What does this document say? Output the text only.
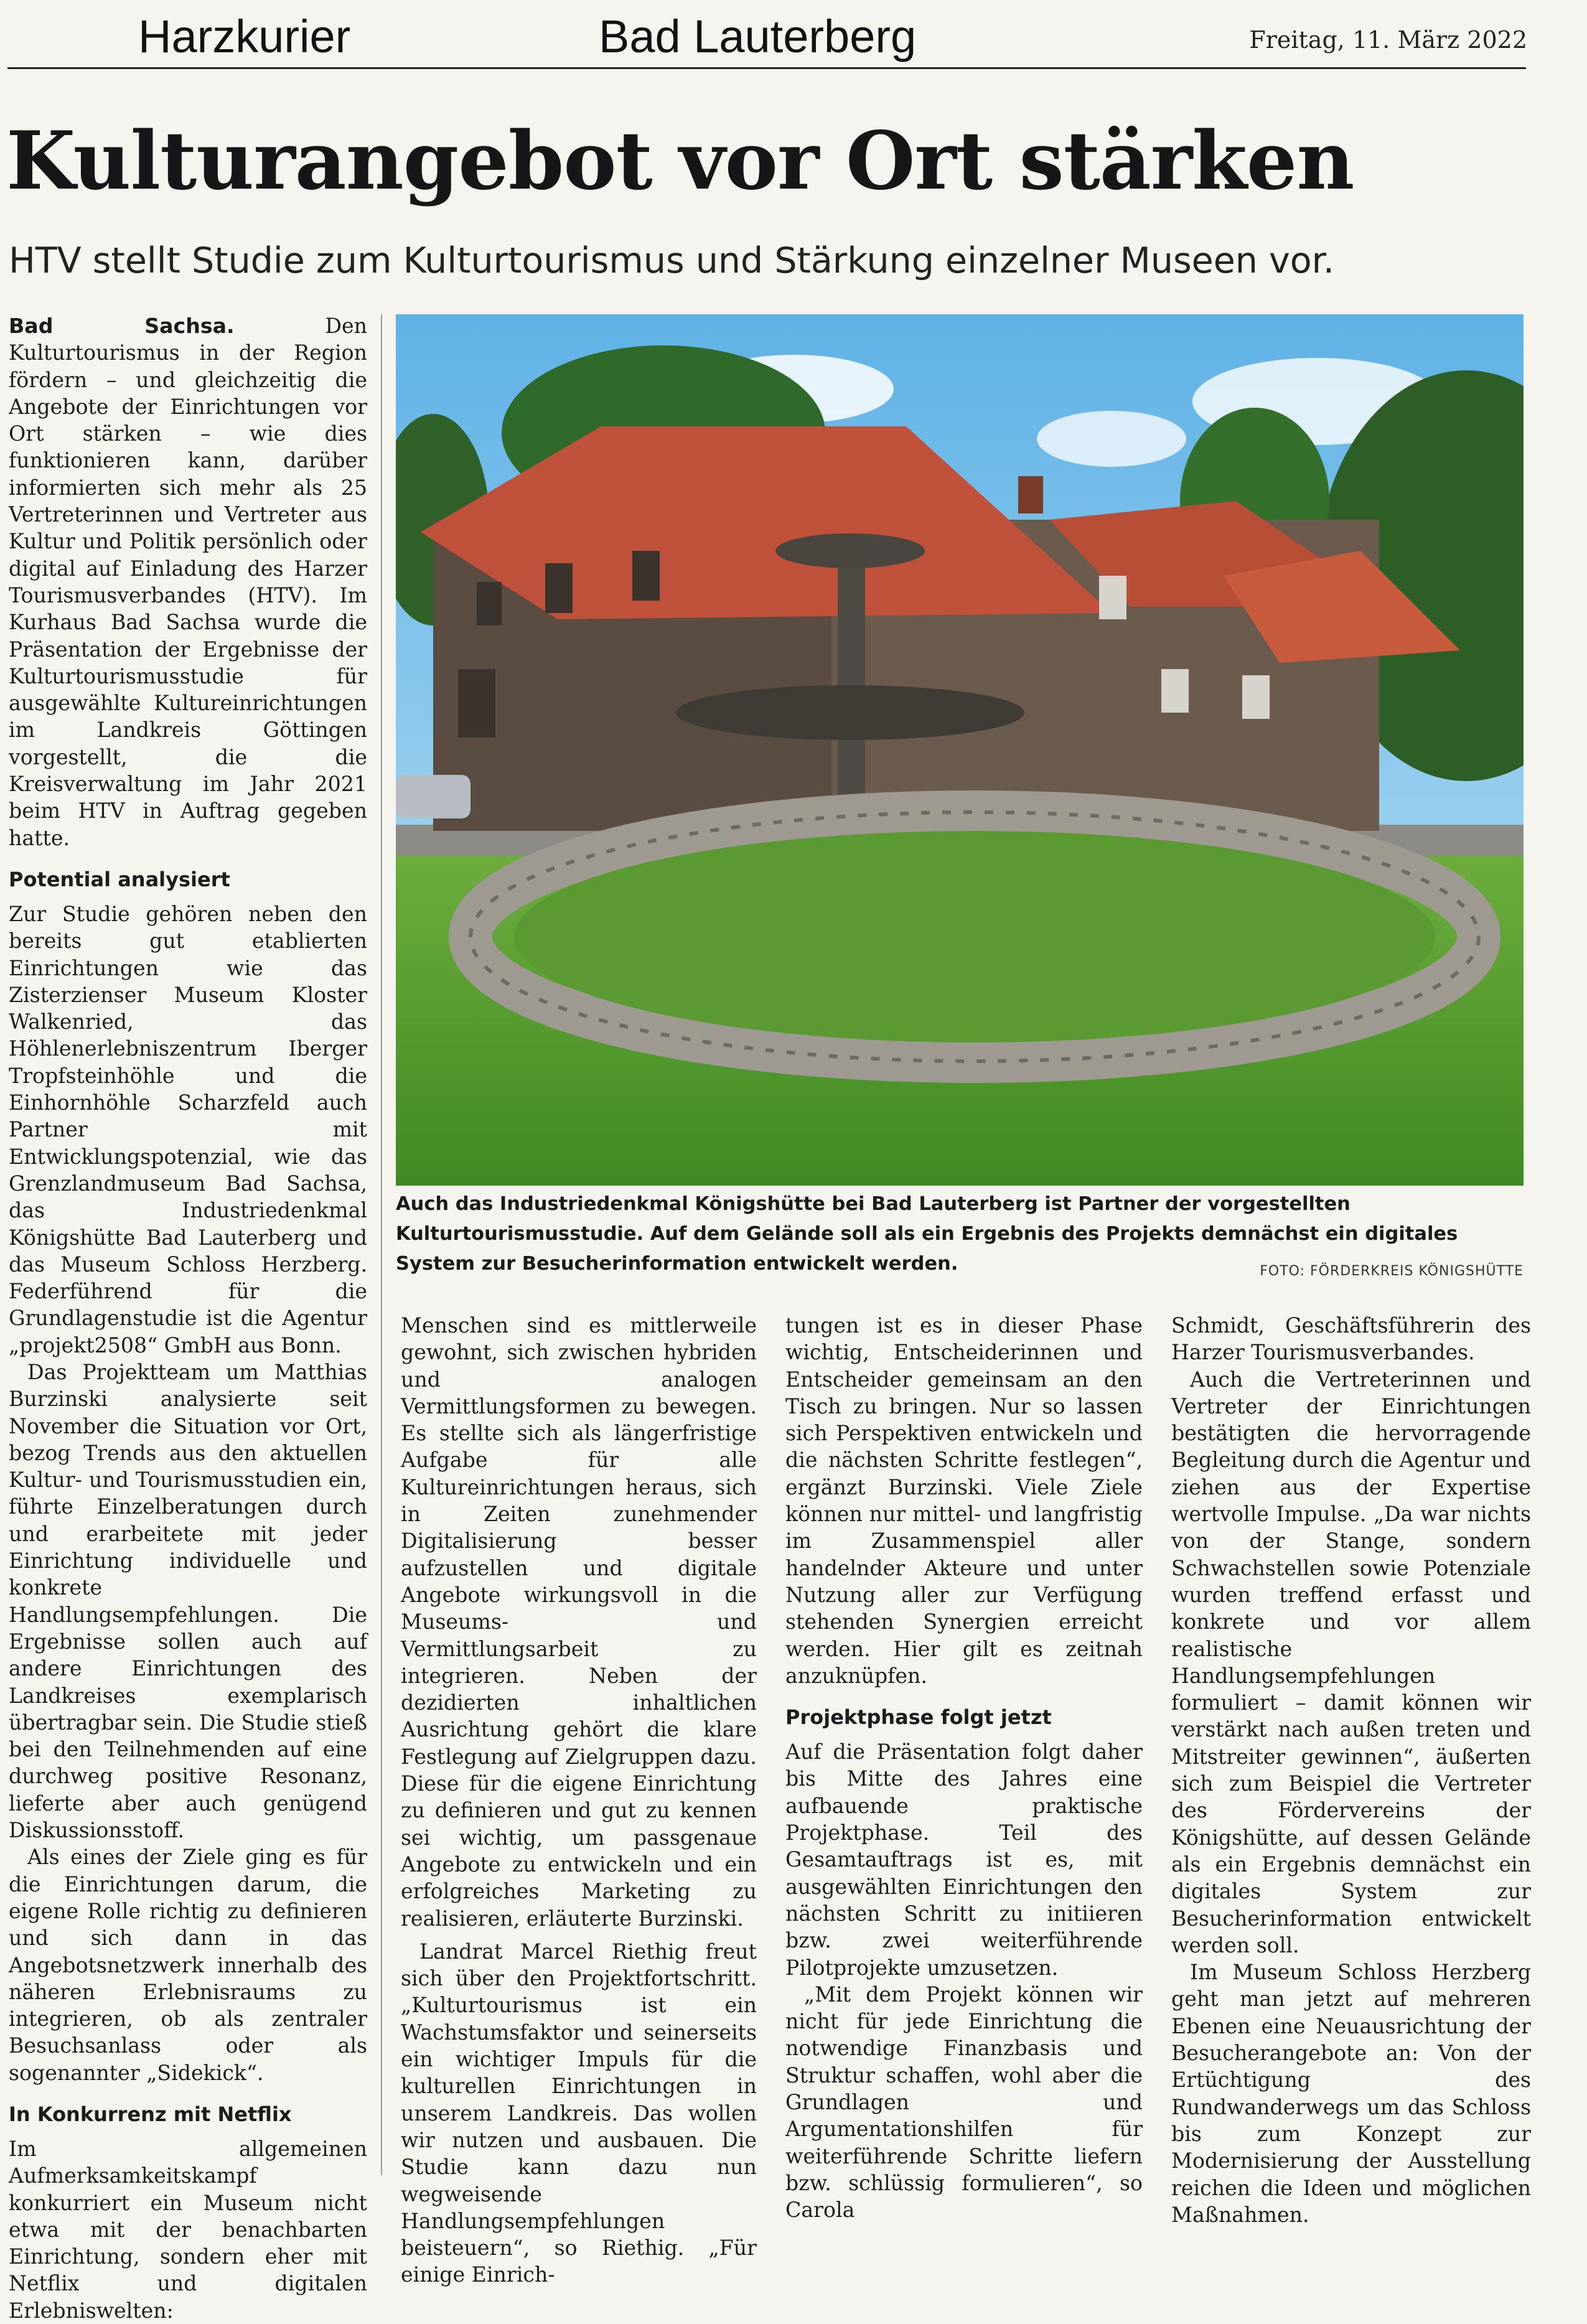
Harzkurier	Bad Lauterberg	Freitag, 11. März 2022
Kulturangebot vor Ort stärken
HTV stellt Studie zum Kulturtourismus und Stärkung einzelner Museen vor.

Bad Sachsa.	Den Kulturtourismus in der Region fördern – und gleichzeitig die Angebote der Einrichtungen vor Ort stärken – wie dies funktionieren kann, darüber informierten sich mehr als 25 Vertreterinnen und Vertreter aus Kultur und Politik persönlich oder digital auf Einladung des Harzer Tourismusverbandes (HTV). Im Kurhaus Bad Sachsa wurde die Präsentation der Ergebnisse der Kulturtourismusstudie für ausgewählte Kultureinrichtungen im Landkreis Göttingen vorgestellt, die die Kreisverwaltung im Jahr 2021 beim HTV in Auftrag gegeben hatte.

Potential analysiert

Zur Studie gehören neben den bereits gut etablierten Einrichtungen wie das Zisterzienser Museum Kloster Walkenried, das Höhlenerlebniszentrum Iberger Tropfsteinhöhle und die Einhornhöhle Scharzfeld auch Partner mit Entwicklungspotenzial, wie das Grenzlandmuseum Bad Sachsa, das Industriedenkmal Königshütte Bad Lauterberg und das Museum Schloss Herzberg. Federführend für die Grundlagenstudie ist die Agentur „projekt2508“ GmbH aus Bonn.

Das Projektteam um Matthias Burzinski analysierte seit November die Situation vor Ort, bezog Trends aus den aktuellen Kultur- und Tourismusstudien ein, führte Einzelberatungen durch und erarbeitete mit jeder Einrichtung individuelle und konkrete Handlungsempfehlungen. Die Ergebnisse sollen auch auf andere Einrichtungen des Landkreises exemplarisch übertragbar sein. Die Studie stieß bei den Teilnehmenden auf eine durchweg positive Resonanz, lieferte aber auch genügend Diskussionsstoff.

Als eines der Ziele ging es für die Einrichtungen darum, die eigene Rolle richtig zu definieren und sich dann in das Angebotsnetzwerk innerhalb des näheren Erlebnisraums zu integrieren, ob als zentraler Besuchsanlass oder als sogenannter „Sidekick“.

In Konkurrenz mit Netflix

Im allgemeinen Aufmerksamkeitskampf konkurriert ein Museum nicht etwa mit der benachbarten Einrichtung, sondern eher mit Netflix und digitalen Erlebniswelten:

Auch das Industriedenkmal Königshütte bei Bad Lauterberg ist Partner der vorgestellten Kulturtourismusstudie. Auf dem Gelände soll als ein Ergebnis des Projekts demnächst ein digitales System zur Besucherinformation entwickelt werden.	FOTO: FÖRDERKREIS KÖNIGSHÜTTE

Menschen sind es mittlerweile gewohnt, sich zwischen hybriden und analogen Vermittlungsformen zu bewegen. Es stellte sich als längerfristige Aufgabe für alle Kultureinrichtungen heraus, sich in Zeiten zunehmender Digitalisierung besser aufzustellen und digitale Angebote wirkungsvoll in die Museums- und Vermittlungsarbeit zu integrieren. Neben der dezidierten inhaltlichen Ausrichtung gehört die klare Festlegung auf Zielgruppen dazu. Diese für die eigene Einrichtung zu definieren und gut zu kennen sei wichtig, um passgenaue Angebote zu entwickeln und ein erfolgreiches Marketing zu realisieren, erläuterte Burzinski.

Landrat Marcel Riethig freut sich über den Projektfortschritt. „Kulturtourismus ist ein Wachstumsfaktor und seinerseits ein wichtiger Impuls für die kulturellen Einrichtungen in unserem Landkreis. Das wollen wir nutzen und ausbauen. Die Studie kann dazu nun wegweisende Handlungsempfehlungen beisteuern“, so Riethig. „Für einige Einrich-

tungen ist es in dieser Phase wichtig, Entscheiderinnen und Entscheider gemeinsam an den Tisch zu bringen. Nur so lassen sich Perspektiven entwickeln und die nächsten Schritte festlegen“, ergänzt Burzinski. Viele Ziele können nur mittel- und langfristig im Zusammenspiel aller handelnder Akteure und unter Nutzung aller zur Verfügung stehenden Synergien erreicht werden. Hier gilt es zeitnah anzuknüpfen.

Projektphase folgt jetzt

Auf die Präsentation folgt daher bis Mitte des Jahres eine aufbauende praktische Projektphase. Teil des Gesamtauftrags ist es, mit ausgewählten Einrichtungen den nächsten Schritt zu initiieren bzw. zwei weiterführende Pilotprojekte umzusetzen.

„Mit dem Projekt können wir nicht für jede Einrichtung die notwendige Finanzbasis und Struktur schaffen, wohl aber die Grundlagen und Argumentationshilfen für weiterführende Schritte liefern bzw. schlüssig formulieren“, so Carola

Schmidt, Geschäftsführerin des Harzer Tourismusverbandes.

Auch die Vertreterinnen und Vertreter der Einrichtungen bestätigten die hervorragende Begleitung durch die Agentur und ziehen aus der Expertise wertvolle Impulse. „Da war nichts von der Stange, sondern Schwachstellen sowie Potenziale wurden treffend erfasst und konkrete und vor allem realistische Handlungsempfehlungen formuliert – damit können wir verstärkt nach außen treten und Mitstreiter gewinnen“, äußerten sich zum Beispiel die Vertreter des Fördervereins der Königshütte, auf dessen Gelände als ein Ergebnis demnächst ein digitales System zur Besucherinformation entwickelt werden soll.

Im Museum Schloss Herzberg geht man jetzt auf mehreren Ebenen eine Neuausrichtung der Besucherangebote an: Von der Ertüchtigung des Rundwanderwegs um das Schloss bis zum Konzept zur Modernisierung der Ausstellung reichen die Ideen und möglichen Maßnahmen.
